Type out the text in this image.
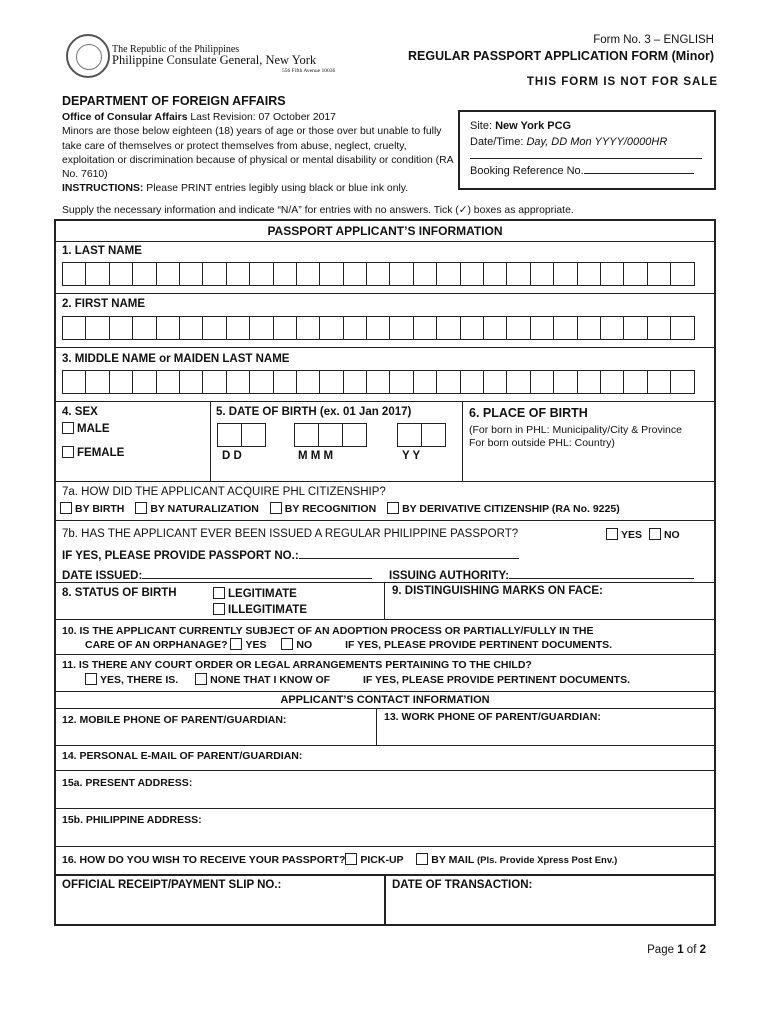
The Republic of the Philippines
Philippine Consulate General, New York
556 Fifth Avenue 10036
Form No. 3 – ENGLISH
REGULAR PASSPORT APPLICATION FORM (Minor)
THIS FORM IS NOT FOR SALE
DEPARTMENT OF FOREIGN AFFAIRS
Office of Consular Affairs Last Revision: 07 October 2017
Minors are those below eighteen (18) years of age or those over but unable to fully take care of themselves or protect themselves from abuse, neglect, cruelty, exploitation or discrimination because of physical or mental disability or condition (RA No. 7610)
INSTRUCTIONS: Please PRINT entries legibly using black or blue ink only.
Site: New York PCG
Date/Time: Day, DD Mon YYYY/0000HR
Booking Reference No.
Supply the necessary information and indicate “N/A” for entries with no answers. Tick (✓) boxes as appropriate.
PASSPORT APPLICANT’S INFORMATION
1. LAST NAME
2. FIRST NAME
3. MIDDLE NAME or MAIDEN LAST NAME
4. SEX
MALE
FEMALE
5. DATE OF BIRTH (ex. 01 Jan 2017)
D D	M M M	Y Y
6. PLACE OF BIRTH
(For born in PHL: Municipality/City & Province
For born outside PHL: Country)
7a. HOW DID THE APPLICANT ACQUIRE PHL CITIZENSHIP?
BY BIRTH BY NATURALIZATION BY RECOGNITION BY DERIVATIVE CITIZENSHIP (RA No. 9225)
7b. HAS THE APPLICANT EVER BEEN ISSUED A REGULAR PHILIPPINE PASSPORT?	YES NO
IF YES, PLEASE PROVIDE PASSPORT NO.:
DATE ISSUED:	ISSUING AUTHORITY:
8. STATUS OF BIRTH	LEGITIMATE
ILLEGITIMATE
9. DISTINGUISHING MARKS ON FACE:
10. IS THE APPLICANT CURRENTLY SUBJECT OF AN ADOPTION PROCESS OR PARTIALLY/FULLY IN THE
CARE OF AN ORPHANAGE? YES	NO	IF YES, PLEASE PROVIDE PERTINENT DOCUMENTS.
11. IS THERE ANY COURT ORDER OR LEGAL ARRANGEMENTS PERTAINING TO THE CHILD?
YES, THERE IS.	NONE THAT I KNOW OF	IF YES, PLEASE PROVIDE PERTINENT DOCUMENTS.
APPLICANT’S CONTACT INFORMATION
12. MOBILE PHONE OF PARENT/GUARDIAN:	13. WORK PHONE OF PARENT/GUARDIAN:
14. PERSONAL E-MAIL OF PARENT/GUARDIAN:
15a. PRESENT ADDRESS:
15b. PHILIPPINE ADDRESS:
16. HOW DO YOU WISH TO RECEIVE YOUR PASSPORT? PICK-UP	BY MAIL (Pls. Provide Xpress Post Env.)
OFFICIAL RECEIPT/PAYMENT SLIP NO.:	DATE OF TRANSACTION:
Page 1 of 2
